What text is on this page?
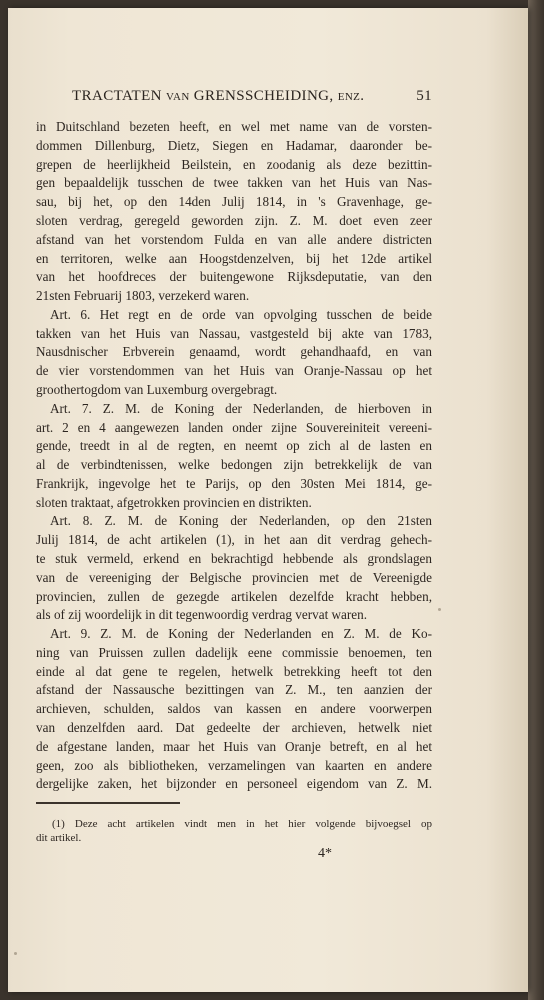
TRACTATEN van GRENSSCHEIDING, enz.	51
in Duitschland bezeten heeft, en wel met name van de vorsten-
dommen Dillenburg, Dietz, Siegen en Hadamar, daaronder be-
grepen de heerlijkheid Beilstein, en zoodanig als deze bezittin-
gen bepaaldelijk tusschen de twee takken van het Huis van Nas-
sau, bij het, op den 14den Julij 1814, in 's Gravenhage, ge-
sloten verdrag, geregeld geworden zijn. Z. M. doet even zeer
afstand van het vorstendom Fulda en van alle andere districten
en territoren, welke aan Hoogstdenzelven, bij het 12de artikel
van het hoofdreces der buitengewone Rijksdeputatie, van den
21sten Februarij 1803, verzekerd waren.
Art. 6. Het regt en de orde van opvolging tusschen de beide
takken van het Huis van Nassau, vastgesteld bij akte van 1783,
Nausdnischer Erbverein genaamd, wordt gehandhaafd, en van
de vier vorstendommen van het Huis van Oranje-Nassau op het
groothertogdom van Luxemburg overgebragt.
Art. 7. Z. M. de Koning der Nederlanden, de hierboven in
art. 2 en 4 aangewezen landen onder zijne Souvereiniteit vereeni-
gende, treedt in al de regten, en neemt op zich al de lasten en
al de verbindtenissen, welke bedongen zijn betrekkelijk de van
Frankrijk, ingevolge het te Parijs, op den 30sten Mei 1814, ge-
sloten traktaat, afgetrokken provincien en distrikten.
Art. 8. Z. M. de Koning der Nederlanden, op den 21sten
Julij 1814, de acht artikelen (1), in het aan dit verdrag gehech-
te stuk vermeld, erkend en bekrachtigd hebbende als grondslagen
van de vereeniging der Belgische provincien met de Vereenigde
provincien, zullen de gezegde artikelen dezelfde kracht hebben,
als of zij woordelijk in dit tegenwoordig verdrag vervat waren.
Art. 9. Z. M. de Koning der Nederlanden en Z. M. de Ko-
ning van Pruissen zullen dadelijk eene commissie benoemen, ten
einde al dat gene te regelen, hetwelk betrekking heeft tot den
afstand der Nassausche bezittingen van Z. M., ten aanzien der
archieven, schulden, saldos van kassen en andere voorwerpen
van denzelfden aard. Dat gedeelte der archieven, hetwelk niet
de afgestane landen, maar het Huis van Oranje betreft, en al het
geen, zoo als bibliotheken, verzamelingen van kaarten en andere
dergelijke zaken, het bijzonder en personeel eigendom van Z. M.
(1) Deze acht artikelen vindt men in het hier volgende bijvoegsel op
dit artikel.
4*
